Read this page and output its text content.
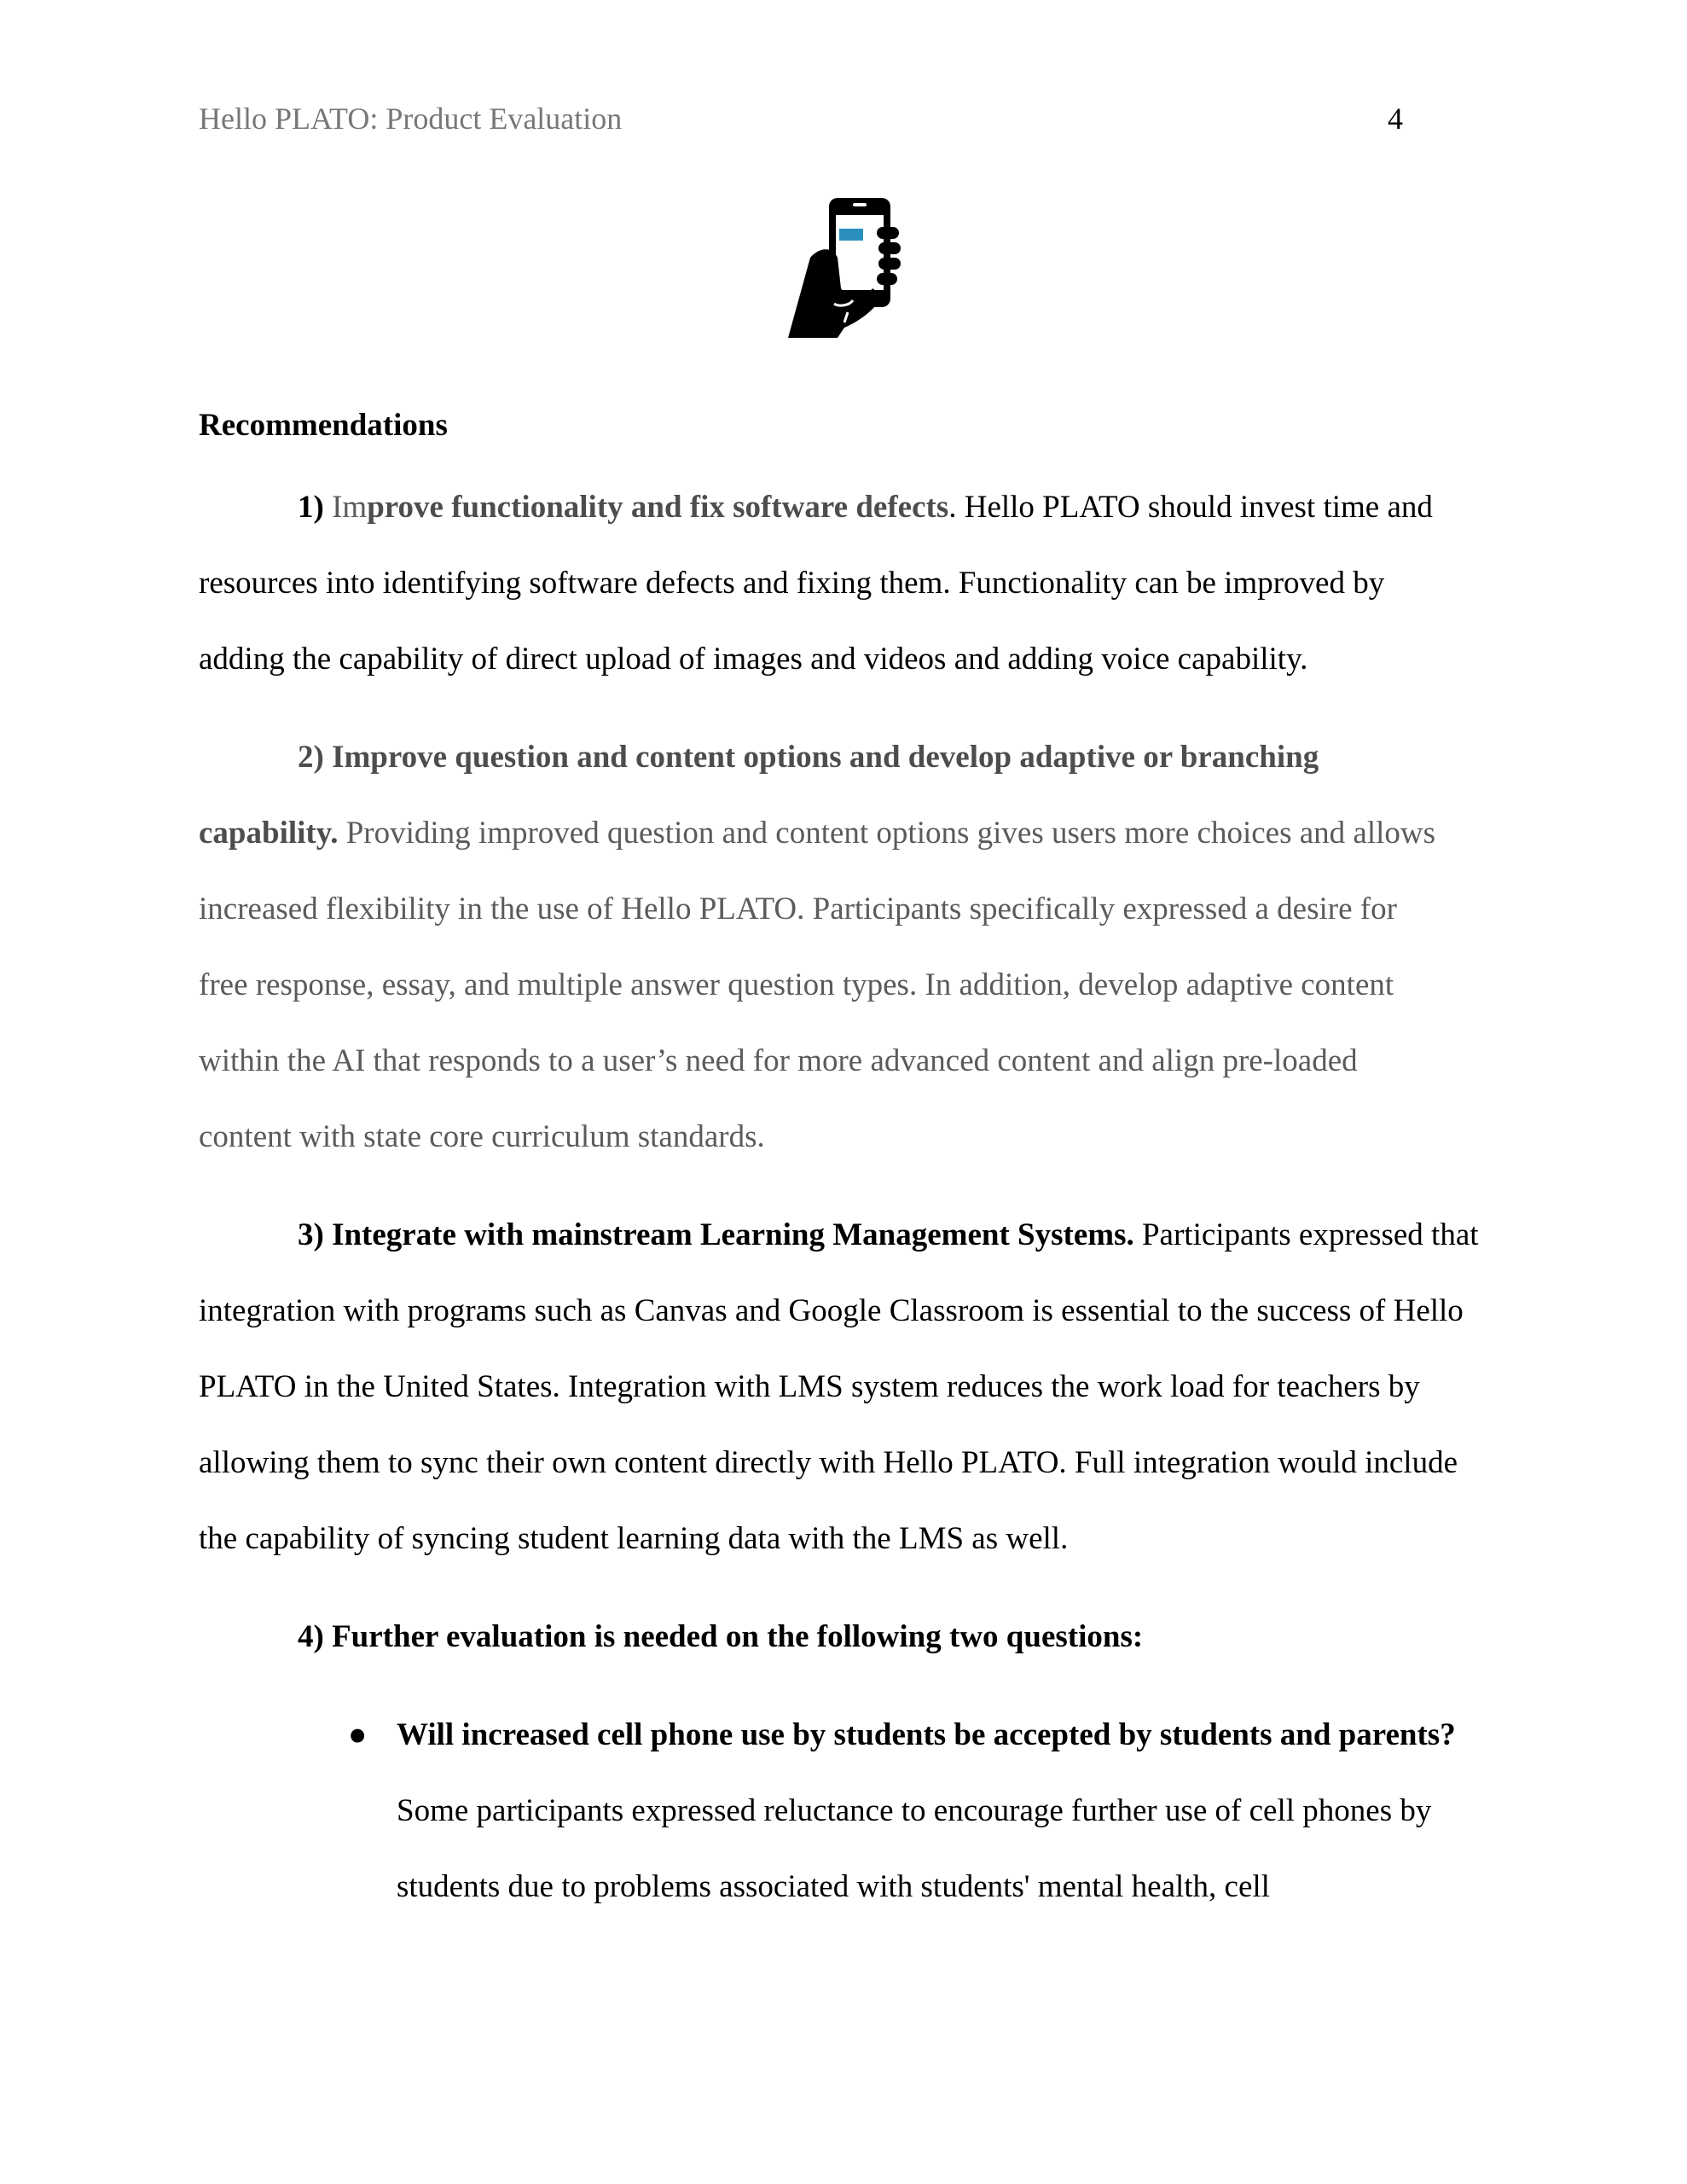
Hello PLATO: Product Evaluation	4

Recommendations

1) Improve functionality and fix software defects. Hello PLATO should invest time and resources into identifying software defects and fixing them. Functionality can be improved by adding the capability of direct upload of images and videos and adding voice capability.

2) Improve question and content options and develop adaptive or branching capability. Providing improved question and content options gives users more choices and allows increased flexibility in the use of Hello PLATO. Participants specifically expressed a desire for free response, essay, and multiple answer question types. In addition, develop adaptive content within the AI that responds to a user’s need for more advanced content and align pre-loaded content with state core curriculum standards.

3) Integrate with mainstream Learning Management Systems. Participants expressed that integration with programs such as Canvas and Google Classroom is essential to the success of Hello PLATO in the United States. Integration with LMS system reduces the work load for teachers by allowing them to sync their own content directly with Hello PLATO. Full integration would include the capability of syncing student learning data with the LMS as well.

4) Further evaluation is needed on the following two questions:

● Will increased cell phone use by students be accepted by students and parents? Some participants expressed reluctance to encourage further use of cell phones by students due to problems associated with students' mental health, cell
